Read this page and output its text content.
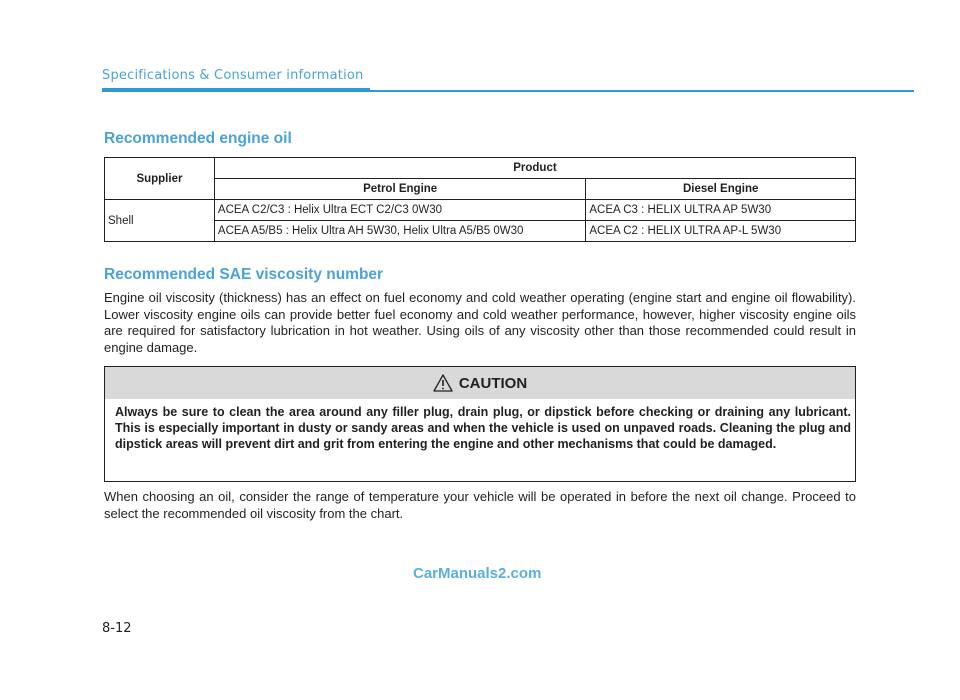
Specifications & Consumer information
Recommended engine oil
Supplier	Product	
	Petrol Engine	Diesel Engine
Shell	ACEA C2/C3 : Helix Ultra ECT C2/C3 0W30	ACEA C3 : HELIX ULTRA AP 5W30
	ACEA A5/B5 : Helix Ultra AH 5W30, Helix Ultra A5/B5 0W30	ACEA C2 : HELIX ULTRA AP-L 5W30
Recommended SAE viscosity number

Engine oil viscosity (thickness) has an effect on fuel economy and cold weather operating (engine start and engine oil flowability). Lower viscosity engine oils can provide better fuel economy and cold weather performance, however, higher viscosity engine oils are required for satisfactory lubrication in hot weather. Using oils of any viscosity other than those recommended could result in engine damage.

CAUTION

Always be sure to clean the area around any filler plug, drain plug, or dipstick before checking or draining any lubricant. This is especially important in dusty or sandy areas and when the vehicle is used on unpaved roads. Cleaning the plug and dipstick areas will prevent dirt and grit from entering the engine and other mechanisms that could be damaged.

When choosing an oil, consider the range of temperature your vehicle will be operated in before the next oil change. Proceed to select the recommended oil viscosity from the chart.

CarManuals2.com
8-12
